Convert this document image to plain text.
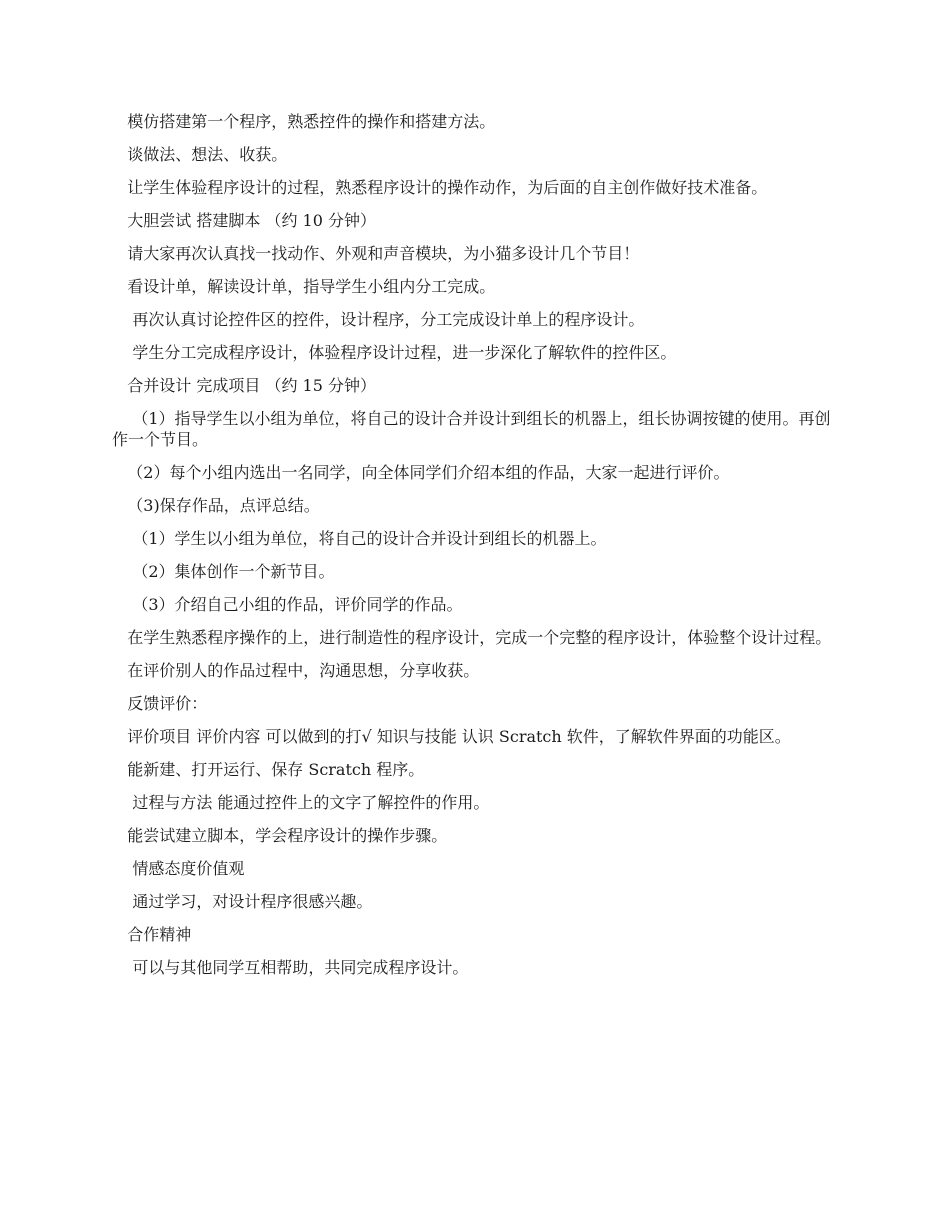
模仿搭建第一个程序，熟悉控件的操作和搭建方法。

谈做法、想法、收获。

让学生体验程序设计的过程，熟悉程序设计的操作动作，为后面的自主创作做好技术准备。

大胆尝试 搭建脚本 （约 10 分钟）

请大家再次认真找一找动作、外观和声音模块，为小猫多设计几个节目！

看设计单，解读设计单，指导学生小组内分工完成。

再次认真讨论控件区的控件，设计程序，分工完成设计单上的程序设计。

学生分工完成程序设计，体验程序设计过程，进一步深化了解软件的控件区。

合并设计 完成项目 （约 15 分钟）

（1）指导学生以小组为单位，将自己的设计合并设计到组长的机器上，组长协调按键的使用。再创作一个节目。

（2）每个小组内选出一名同学，向全体同学们介绍本组的作品，大家一起进行评价。

（3)保存作品，点评总结。

（1）学生以小组为单位，将自己的设计合并设计到组长的机器上。

（2）集体创作一个新节目。

（3）介绍自己小组的作品，评价同学的作品。

在学生熟悉程序操作的上，进行制造性的程序设计，完成一个完整的程序设计，体验整个设计过程。

在评价别人的作品过程中，沟通思想，分享收获。

反馈评价：

评价项目 评价内容 可以做到的打√ 知识与技能 认识 Scratch 软件，了解软件界面的功能区。

能新建、打开运行、保存 Scratch 程序。

过程与方法 能通过控件上的文字了解控件的作用。

能尝试建立脚本，学会程序设计的操作步骤。

情感态度价值观

通过学习，对设计程序很感兴趣。

合作精神

可以与其他同学互相帮助，共同完成程序设计。
